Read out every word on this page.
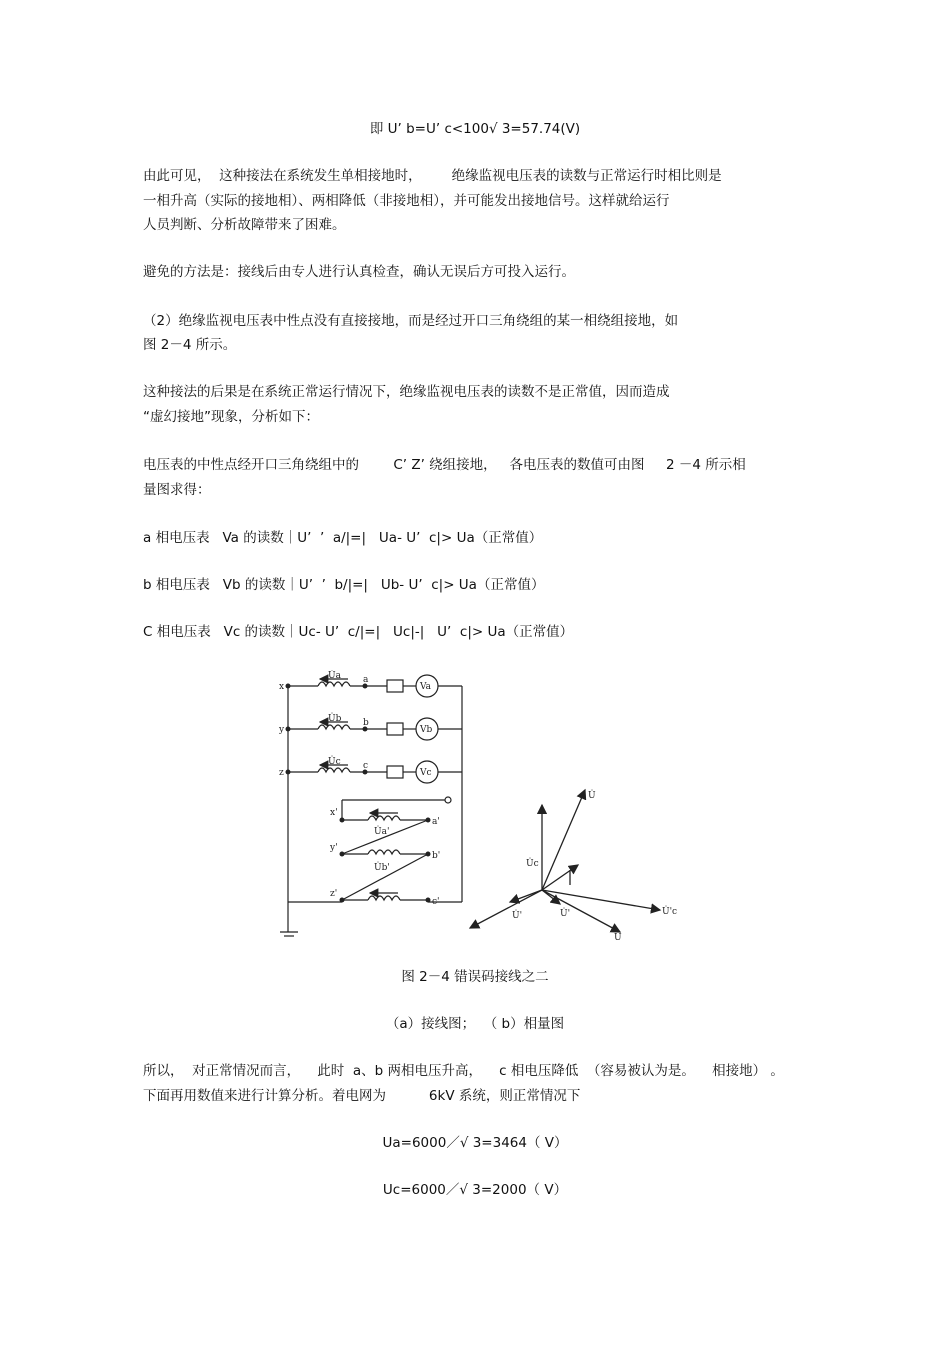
即 U’ b=U’ c<100√ 3=57.74(V)
由此可见，  这种接法在系统发生单相接地时，       绝缘监视电压表的读数与正常运行时相比则是
一相升高（实际的接地相）、两相降低（非接地相），并可能发出接地信号。这样就给运行
人员判断、分析故障带来了困难。
避免的方法是：接线后由专人进行认真检查，确认无误后方可投入运行。
（2）绝缘监视电压表中性点没有直接接地，而是经过开口三角绕组的某一相绕组接地，如
图 2－4 所示。
这种接法的后果是在系统正常运行情况下，绝缘监视电压表的读数不是正常值，因而造成
“虚幻接地”现象，分析如下：
电压表的中性点经开口三角绕组中的        C’ Z’ 绕组接地，   各电压表的数值可由图     2 －4 所示相
量图求得：
a 相电压表   Va 的读数｜U’  ’  a/|=|   Ua- U’  c|> Ua（正常值）
b 相电压表   Vb 的读数｜U’  ’  b/|=|   Ub- U’  c|> Ua（正常值）
C 相电压表   Vc 的读数｜Uc- U’  c/|=|   Uc|-|   U’  c|> Ua（正常值）
x
y
z
a
b
c
Va
Vb
Vc
U̇a
U̇b
U̇c
x'
y'
z'
a'
b'
c'
U̇a'
U̇b'
U̇
U̇c
U̇'	U̇'	U̇'c
U̇
图 2－4 错误码接线之二
（a）接线图；  （ b）相量图
所以，  对正常情况而言，    此时  a、b 两相电压升高，    c 相电压降低  （容易被认为是。    相接地） 。
下面再用数值来进行计算分析。着电网为          6kV 系统，则正常情况下
Ua=6000／√ 3=3464（ V）
Uc=6000／√ 3=2000（ V）
